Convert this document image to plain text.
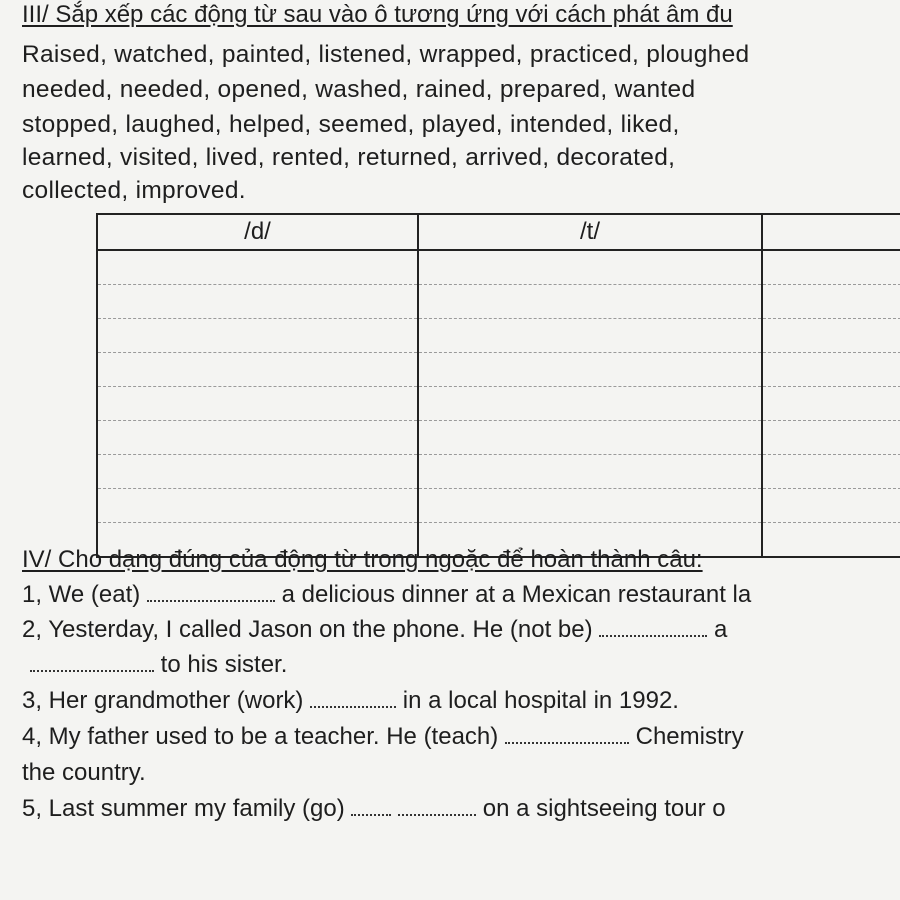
III/ Sắp xếp các động từ sau vào ô tương ứng với cách phát âm đu
Raised, watched, painted, listened, wrapped, practiced, ploughed
needed, needed, opened, washed, rained, prepared, wanted
stopped, laughed, helped, seemed, played, intended, liked,
learned, visited, lived, rented, returned, arrived, decorated,
collected, improved.
/d/	/t/	

IV/ Cho dạng đúng của động từ trong ngoặc để hoàn thành câu:
1, We (eat)	a delicious dinner at a Mexican restaurant la
2, Yesterday, I called Jason on the phone. He (not be)	a
to his sister.
3, Her grandmother (work)	in a local hospital in 1992.
4, My father used to be a teacher. He (teach)	Chemistry
the country.
5, Last summer my family (go)	on a sightseeing tour o
